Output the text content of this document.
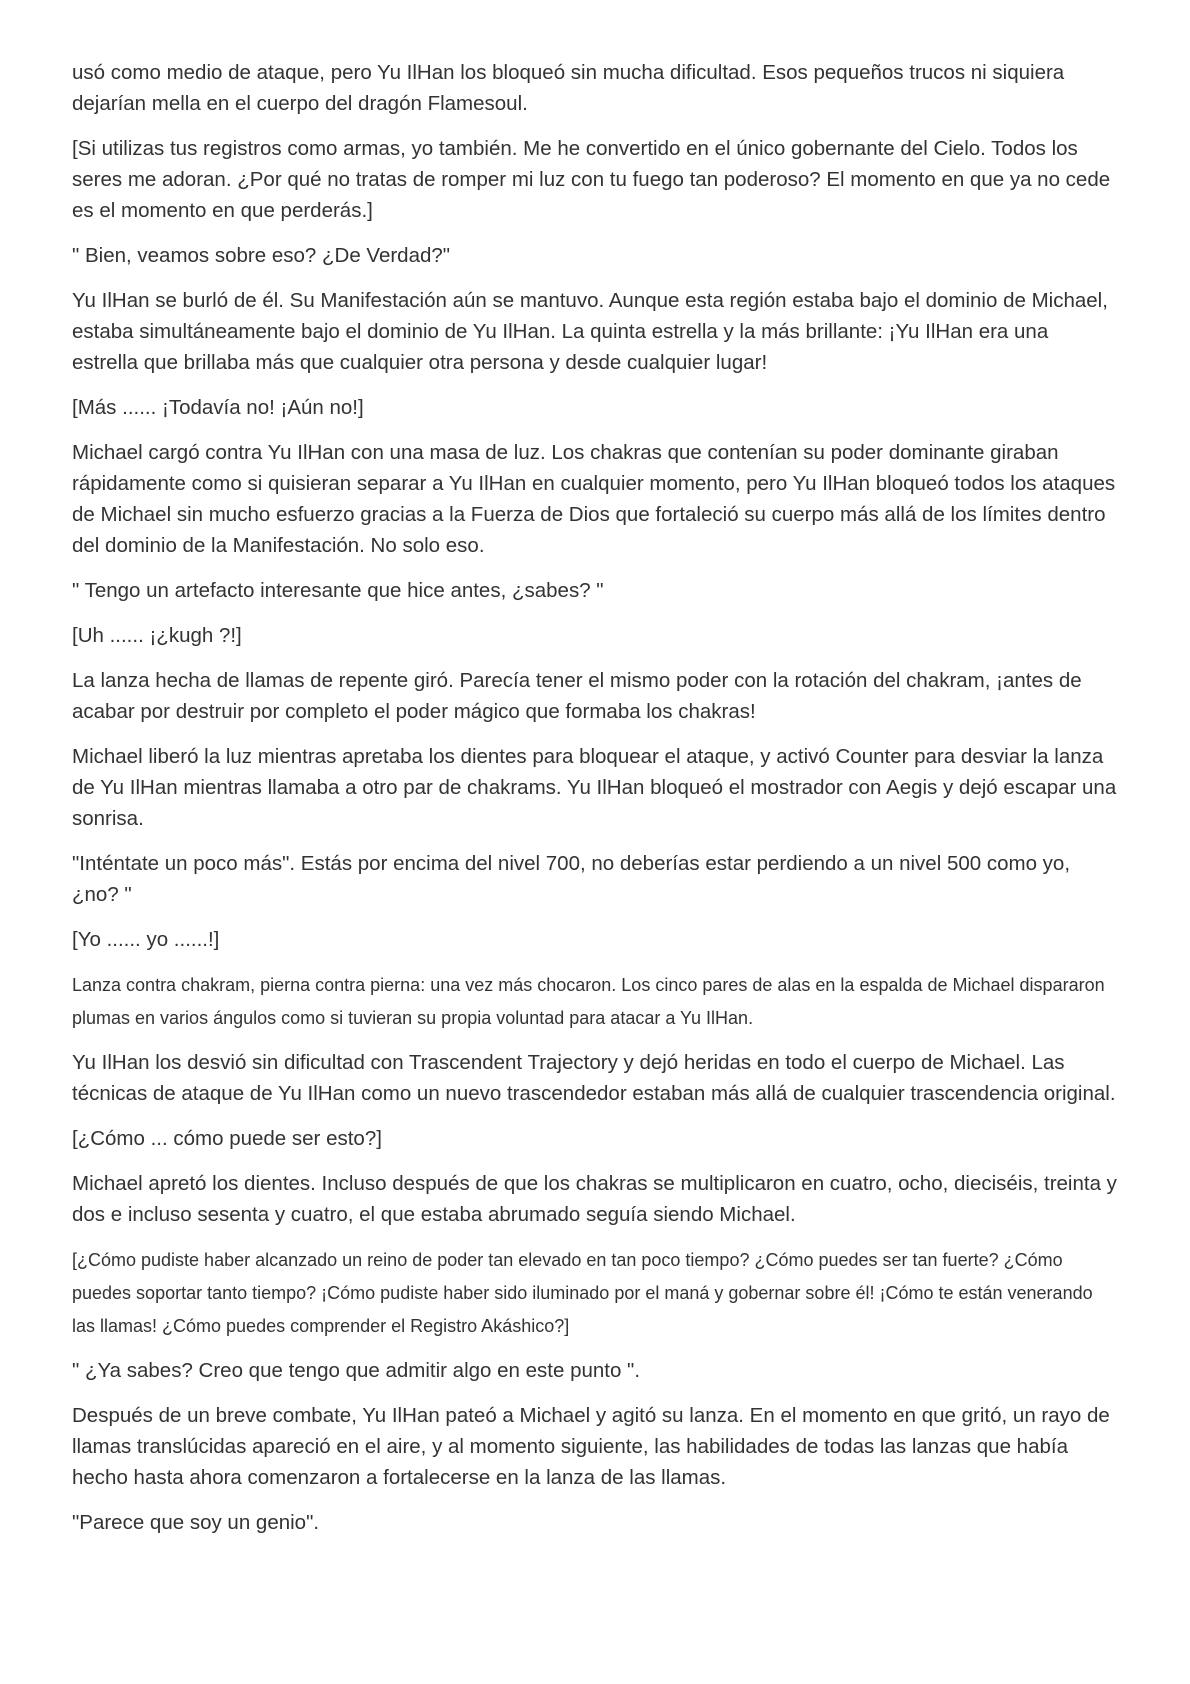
usó como medio de ataque, pero Yu IlHan los bloqueó sin mucha dificultad. Esos pequeños trucos ni siquiera dejarían mella en el cuerpo del dragón Flamesoul.

[Si utilizas tus registros como armas, yo también. Me he convertido en el único gobernante del Cielo. Todos los seres me adoran. ¿Por qué no tratas de romper mi luz con tu fuego tan poderoso? El momento en que ya no cede es el momento en que perderás.]

" Bien, veamos sobre eso? ¿De Verdad?"

Yu IlHan se burló de él. Su Manifestación aún se mantuvo. Aunque esta región estaba bajo el dominio de Michael, estaba simultáneamente bajo el dominio de Yu IlHan. La quinta estrella y la más brillante: ¡Yu IlHan era una estrella que brillaba más que cualquier otra persona y desde cualquier lugar!

[Más ...... ¡Todavía no! ¡Aún no!]

Michael cargó contra Yu IlHan con una masa de luz. Los chakras que contenían su poder dominante giraban rápidamente como si quisieran separar a Yu IlHan en cualquier momento, pero Yu IlHan bloqueó todos los ataques de Michael sin mucho esfuerzo gracias a la Fuerza de Dios que fortaleció su cuerpo más allá de los límites dentro del dominio de la Manifestación. No solo eso.

" Tengo un artefacto interesante que hice antes, ¿sabes? "

[Uh ...... ¡¿kugh ?!]

La lanza hecha de llamas de repente giró. Parecía tener el mismo poder con la rotación del chakram, ¡antes de acabar por destruir por completo el poder mágico que formaba los chakras!

Michael liberó la luz mientras apretaba los dientes para bloquear el ataque, y activó Counter para desviar la lanza de Yu IlHan mientras llamaba a otro par de chakrams. Yu IlHan bloqueó el mostrador con Aegis y dejó escapar una sonrisa.

"Inténtate un poco más". Estás por encima del nivel 700, no deberías estar perdiendo a un nivel 500 como yo, ¿no? "

[Yo ...... yo ......!]

Lanza contra chakram, pierna contra pierna: una vez más chocaron. Los cinco pares de alas en la espalda de Michael dispararon plumas en varios ángulos como si tuvieran su propia voluntad para atacar a Yu IlHan.

Yu IlHan los desvió sin dificultad con Trascendent Trajectory y dejó heridas en todo el cuerpo de Michael. Las técnicas de ataque de Yu IlHan como un nuevo trascendedor estaban más allá de cualquier trascendencia original.

[¿Cómo ... cómo puede ser esto?]

Michael apretó los dientes. Incluso después de que los chakras se multiplicaron en cuatro, ocho, dieciséis, treinta y dos e incluso sesenta y cuatro, el que estaba abrumado seguía siendo Michael.

[¿Cómo pudiste haber alcanzado un reino de poder tan elevado en tan poco tiempo? ¿Cómo puedes ser tan fuerte? ¿Cómo puedes soportar tanto tiempo? ¡Cómo pudiste haber sido iluminado por el maná y gobernar sobre él! ¡Cómo te están venerando las llamas! ¿Cómo puedes comprender el Registro Akáshico?]

" ¿Ya sabes? Creo que tengo que admitir algo en este punto ".

Después de un breve combate, Yu IlHan pateó a Michael y agitó su lanza. En el momento en que gritó, un rayo de llamas translúcidas apareció en el aire, y al momento siguiente, las habilidades de todas las lanzas que había hecho hasta ahora comenzaron a fortalecerse en la lanza de las llamas.

"Parece que soy un genio".
